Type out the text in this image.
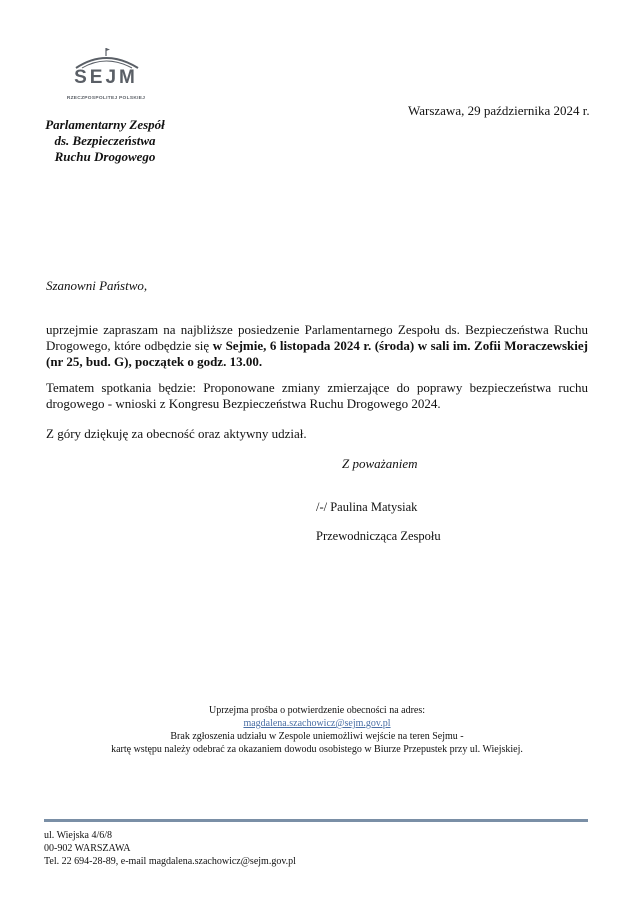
SEJM
RZECZPOSPOLITEJ POLSKIEJ
Parlamentarny Zespół
ds. Bezpieczeństwa
Ruchu Drogowego
Warszawa, 29 października 2024 r.
Szanowni Państwo,
uprzejmie zapraszam na najbliższe posiedzenie Parlamentarnego Zespołu ds. Bezpieczeństwa Ruchu Drogowego, które odbędzie się w Sejmie, 6 listopada 2024 r. (środa) w sali im. Zofii Moraczewskiej (nr 25, bud. G), początek o godz. 13.00.
Tematem spotkania będzie: Proponowane zmiany zmierzające do poprawy bezpieczeństwa ruchu drogowego - wnioski z Kongresu Bezpieczeństwa Ruchu Drogowego 2024.
Z góry dziękuję za obecność oraz aktywny udział.
Z poważaniem
/-/ Paulina Matysiak
Przewodnicząca Zespołu
Uprzejma prośba o potwierdzenie obecności na adres:
magdalena.szachowicz@sejm.gov.pl
Brak zgłoszenia udziału w Zespole uniemożliwi wejście na teren Sejmu -
kartę wstępu należy odebrać za okazaniem dowodu osobistego w Biurze Przepustek przy ul. Wiejskiej.
ul. Wiejska 4/6/8
00-902 WARSZAWA
Tel. 22 694-28-89, e-mail magdalena.szachowicz@sejm.gov.pl
